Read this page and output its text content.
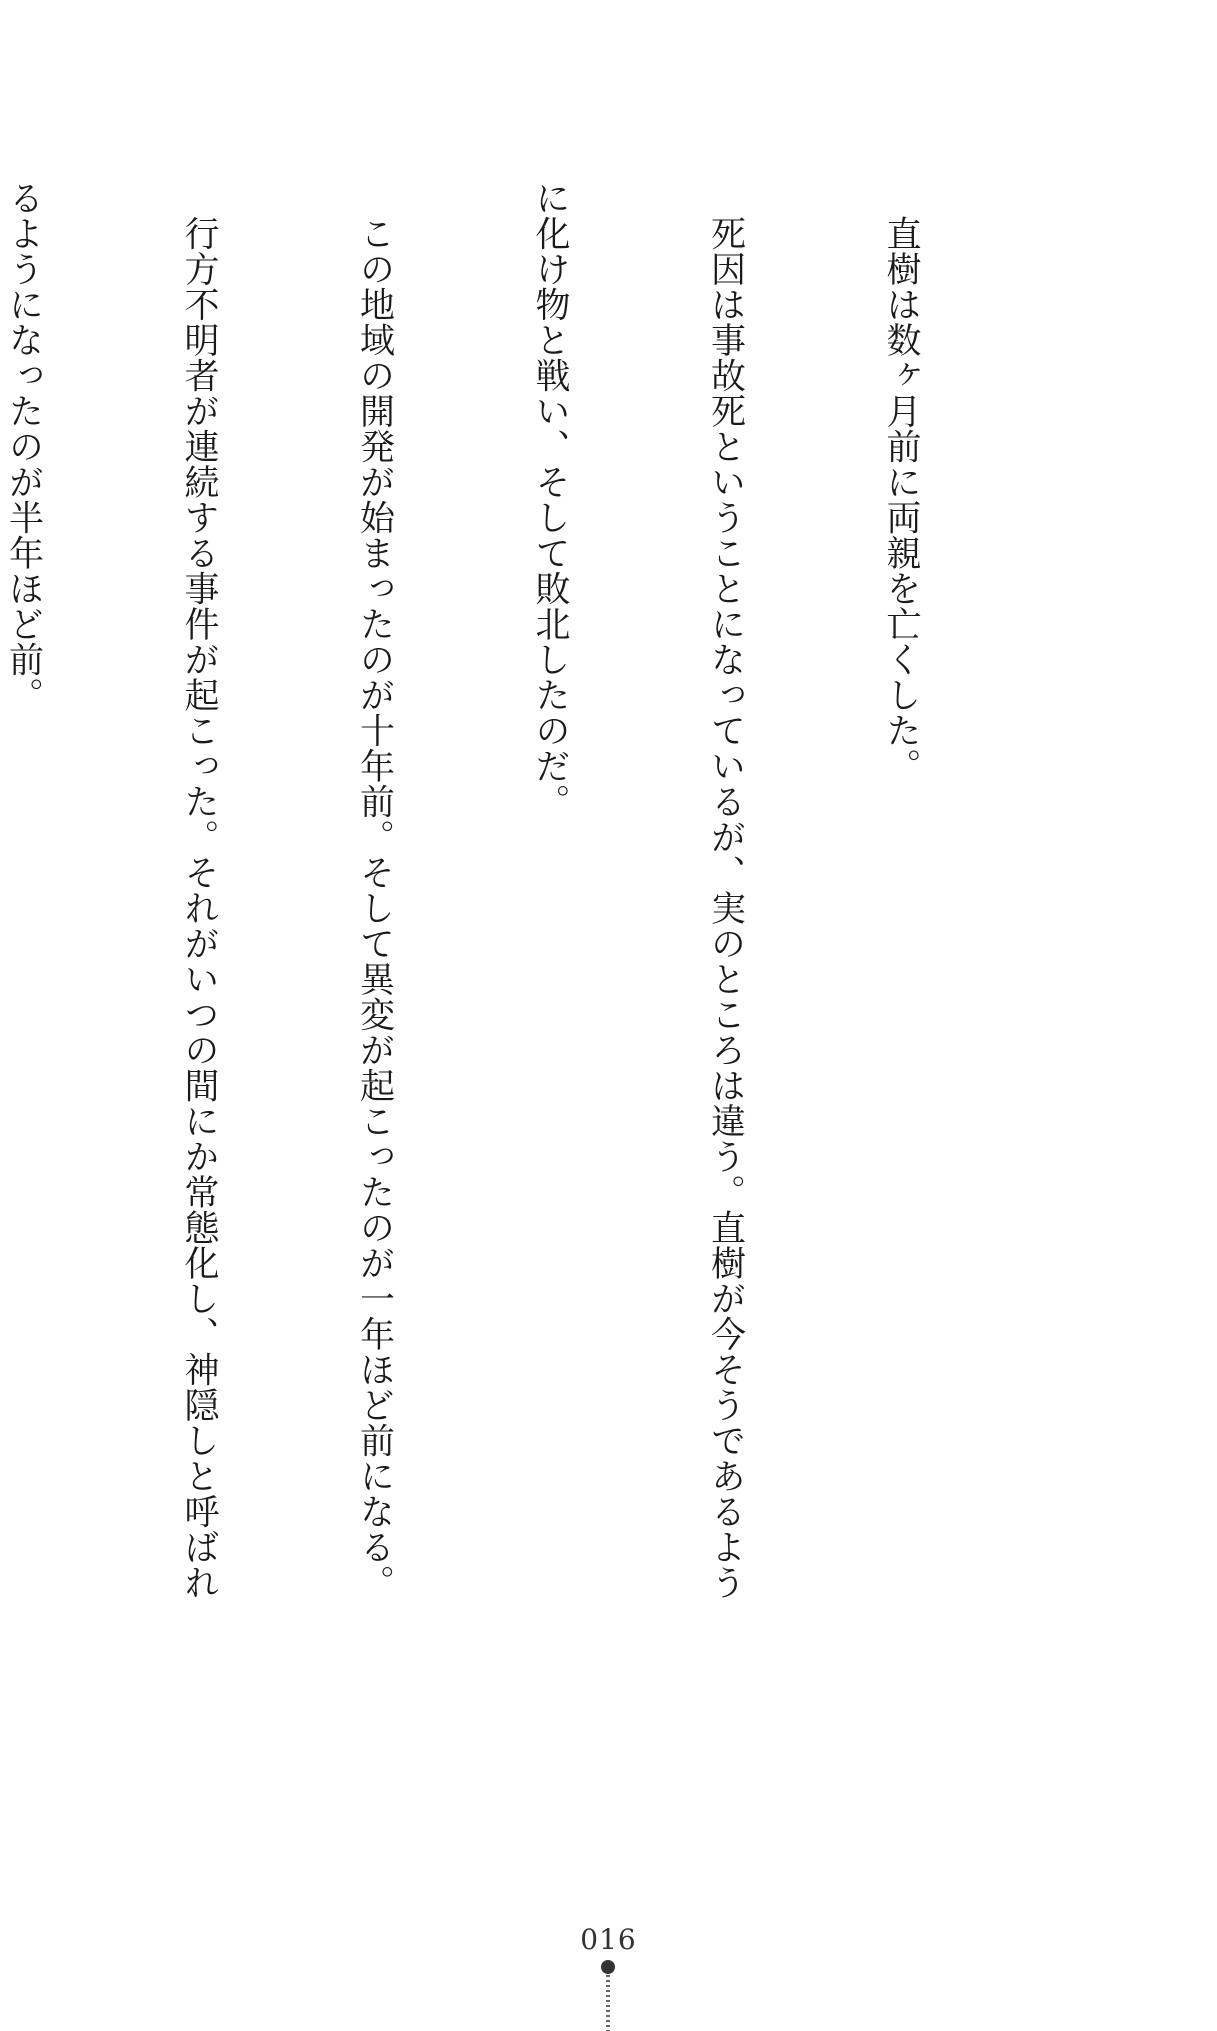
　直樹は数ヶ月前に両親を亡くした。

　死因は事故死ということになっているが、実のところは違う。直樹が今そうであるよう

に化け物と戦い、そして敗北したのだ。

　この地域の開発が始まったのが十年前。そして異変が起こったのが一年ほど前になる。

　行方不明者が連続する事件が起こった。それがいつの間にか常態化し、神隠しと呼ばれ

るようになったのが半年ほど前。

016
